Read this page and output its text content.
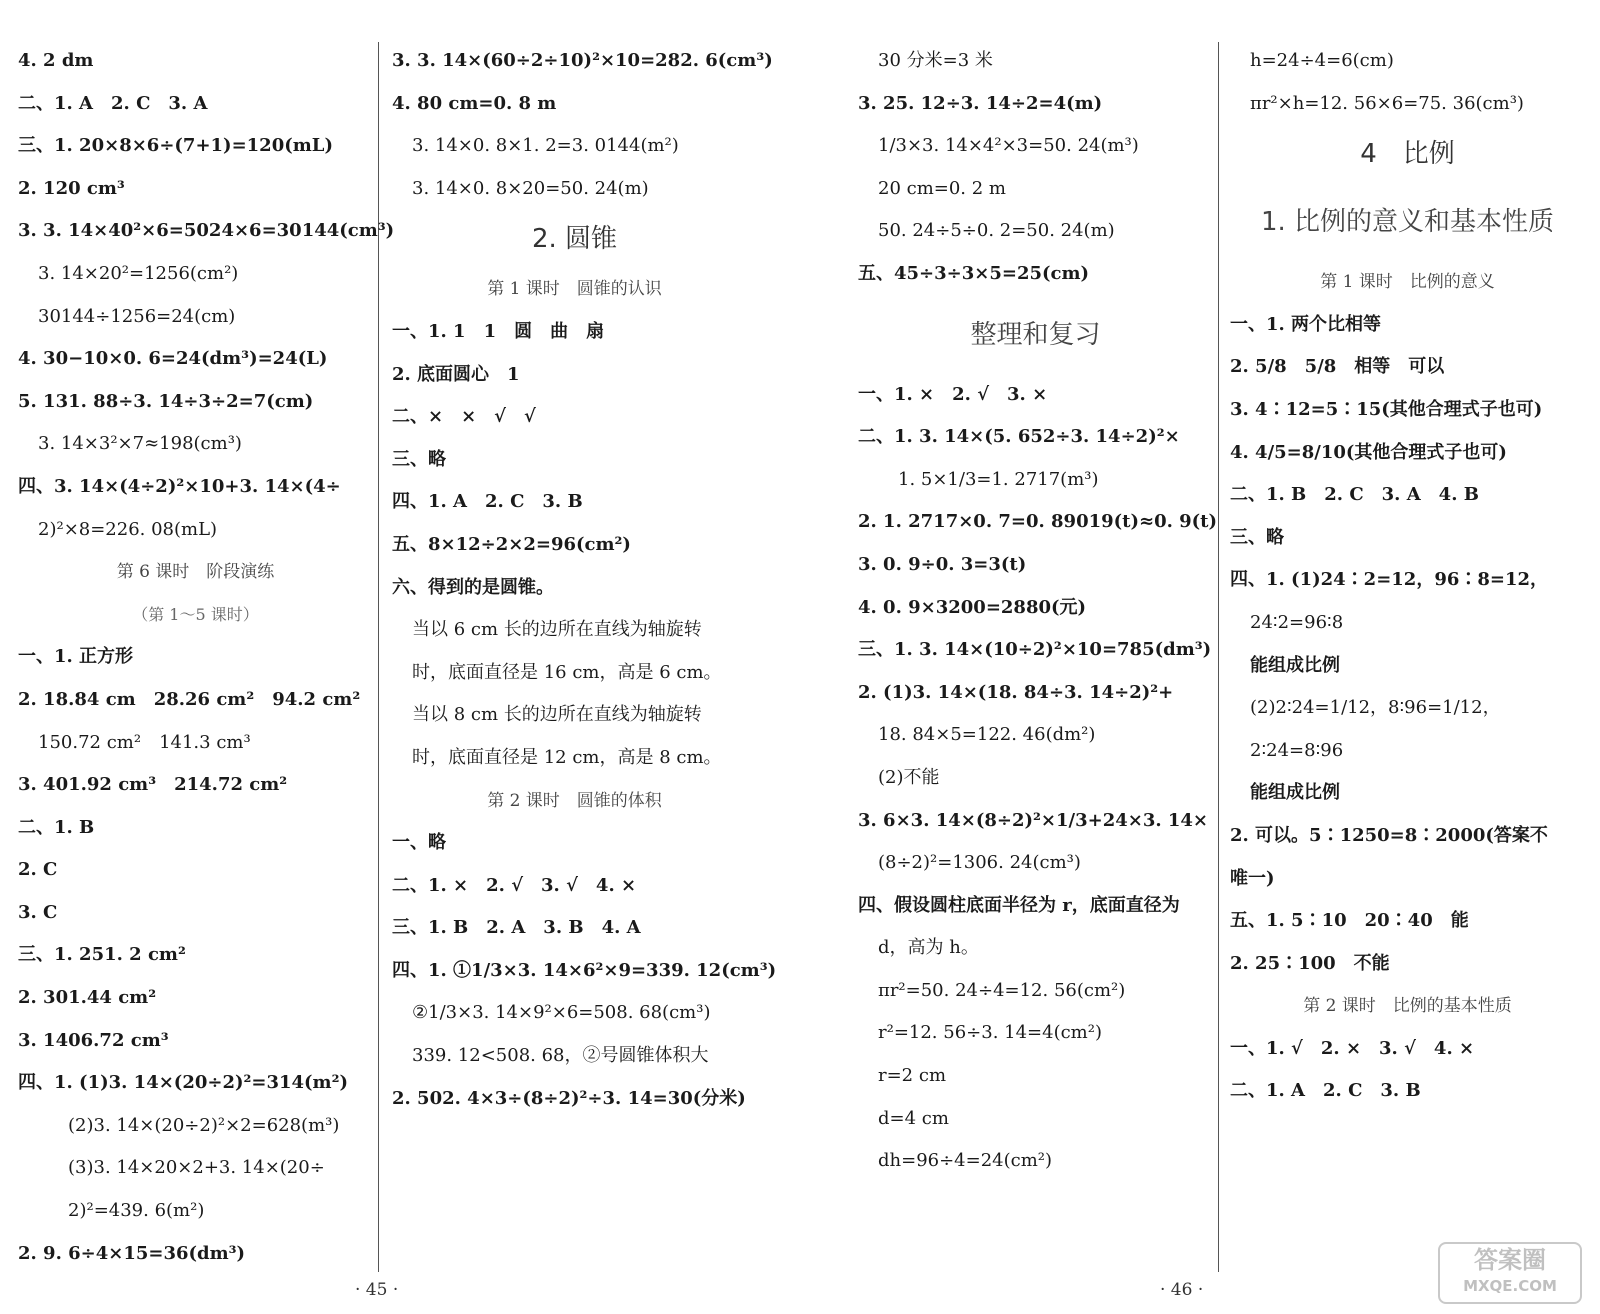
4. 2 dm
二、1. A　2. C　3. A
三、1. 20×8×6÷(7+1)=120(mL)
2. 120 cm³
3. 3. 14×40²×6=5024×6=30144(cm³)
3. 14×20²=1256(cm²)
30144÷1256=24(cm)
4. 30−10×0. 6=24(dm³)=24(L)
5. 131. 88÷3. 14÷3÷2=7(cm)
3. 14×3²×7≈198(cm³)
四、3. 14×(4÷2)²×10+3. 14×(4÷
2)²×8=226. 08(mL)
第 6 课时　阶段演练
（第 1～5 课时）
一、1. 正方形
2. 18.84 cm　28.26 cm²　94.2 cm²
150.72 cm²　141.3 cm³
3. 401.92 cm³　214.72 cm²
二、1. B
2. C
3. C
三、1. 251. 2 cm²
2. 301.44 cm²
3. 1406.72 cm³
四、1. (1)3. 14×(20÷2)²=314(m²)
(2)3. 14×(20÷2)²×2=628(m³)
(3)3. 14×20×2+3. 14×(20÷
2)²=439. 6(m²)
2. 9. 6÷4×15=36(dm³)
3. 3. 14×(60÷2÷10)²×10=282. 6(cm³)
4. 80 cm=0. 8 m
3. 14×0. 8×1. 2=3. 0144(m²)
3. 14×0. 8×20=50. 24(m)
2. 圆锥
第 1 课时　圆锥的认识
一、1. 1　1　圆　曲　扇
2. 底面圆心　1
二、×　×　√　√
三、略
四、1. A　2. C　3. B
五、8×12÷2×2=96(cm²)
六、得到的是圆锥。
当以 6 cm 长的边所在直线为轴旋转
时，底面直径是 16 cm，高是 6 cm。
当以 8 cm 长的边所在直线为轴旋转
时，底面直径是 12 cm，高是 8 cm。
第 2 课时　圆锥的体积
一、略
二、1. ×　2. √　3. √　4. ×
三、1. B　2. A　3. B　4. A
四、1. ①1/3×3. 14×6²×9=339. 12(cm³)
②1/3×3. 14×9²×6=508. 68(cm³)
339. 12<508. 68，②号圆锥体积大
2. 502. 4×3÷(8÷2)²÷3. 14=30(分米)
30 分米=3 米
3. 25. 12÷3. 14÷2=4(m)
1/3×3. 14×4²×3=50. 24(m³)
20 cm=0. 2 m
50. 24÷5÷0. 2=50. 24(m)
五、45÷3÷3×5=25(cm)
整理和复习
一、1. ×　2. √　3. ×
二、1. 3. 14×(5. 652÷3. 14÷2)²×
1. 5×1/3=1. 2717(m³)
2. 1. 2717×0. 7=0. 89019(t)≈0. 9(t)
3. 0. 9÷0. 3=3(t)
4. 0. 9×3200=2880(元)
三、1. 3. 14×(10÷2)²×10=785(dm³)
2. (1)3. 14×(18. 84÷3. 14÷2)²+
18. 84×5=122. 46(dm²)
(2)不能
3. 6×3. 14×(8÷2)²×1/3+24×3. 14×
(8÷2)²=1306. 24(cm³)
四、假设圆柱底面半径为 r，底面直径为
d，高为 h。
πr²=50. 24÷4=12. 56(cm²)
r²=12. 56÷3. 14=4(cm²)
r=2 cm
d=4 cm
dh=96÷4=24(cm²)
h=24÷4=6(cm)
πr²×h=12. 56×6=75. 36(cm³)
4　比例
1. 比例的意义和基本性质
第 1 课时　比例的意义
一、1. 两个比相等
2. 5/8　5/8　相等　可以
3. 4∶12=5∶15(其他合理式子也可)
4. 4/5=8/10(其他合理式子也可)
二、1. B　2. C　3. A　4. B
三、略
四、1. (1)24∶2=12，96∶8=12，
24∶2=96∶8
能组成比例
(2)2∶24=1/12，8∶96=1/12，
2∶24=8∶96
能组成比例
2. 可以。5∶1250=8∶2000(答案不
唯一)
五、1. 5∶10　20∶40　能
2. 25∶100　不能
第 2 课时　比例的基本性质
一、1. √　2. ×　3. √　4. ×
二、1. A　2. C　3. B
· 45 ·	· 46 ·
答案圈
MXQE.COM
